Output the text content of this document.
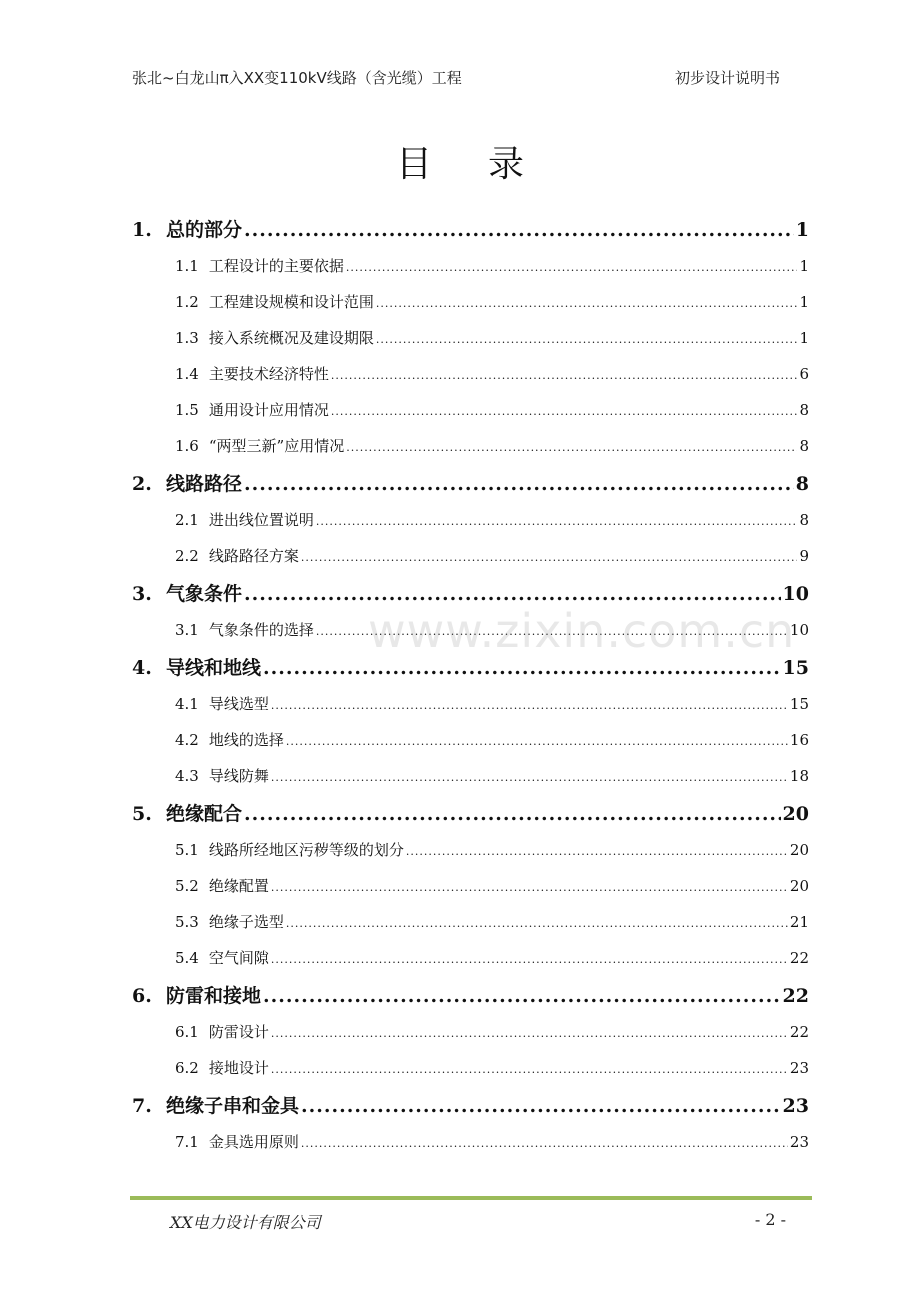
张北~白龙山π入XX变110kV线路（含光缆）工程	初步设计说明书
目录
1. 总的部分 .....	1
1.1 工程设计的主要依据 .....	1
1.2 工程建设规模和设计范围 .....	1
1.3 接入系统概况及建设期限 .....	1
1.4 主要技术经济特性 .....	6
1.5 通用设计应用情况 .....	8
1.6 “两型三新”应用情况 .....	8
2. 线路路径 .....	8
2.1 进出线位置说明 .....	8
2.2 线路路径方案 .....	9
3. 气象条件 .....	10
3.1 气象条件的选择 .....	10
4. 导线和地线 .....	15
4.1 导线选型 .....	15
4.2 地线的选择 .....	16
4.3 导线防舞 .....	18
5. 绝缘配合 .....	20
5.1 线路所经地区污秽等级的划分 .....	20
5.2 绝缘配置 .....	20
5.3 绝缘子选型 .....	21
5.4 空气间隙 .....	22
6. 防雷和接地 .....	22
6.1 防雷设计 .....	22
6.2 接地设计 .....	23
7. 绝缘子串和金具 .....	23
7.1 金具选用原则 .....	23
www.zixin.com.cn
XX电力设计有限公司	- 2 -
